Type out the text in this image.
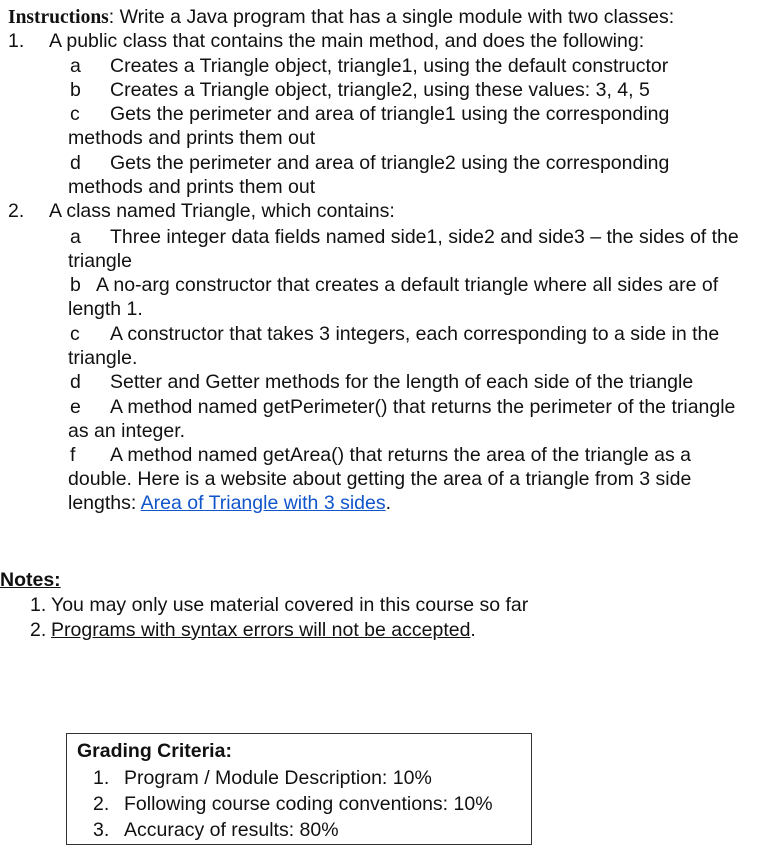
Instructions: Write a Java program that has a single module with two classes:
1. A public class that contains the main method, and does the following:
a Creates a Triangle object, triangle1, using the default constructor
b Creates a Triangle object, triangle2, using these values: 3, 4, 5
c Gets the perimeter and area of triangle1 using the corresponding
methods and prints them out
d Gets the perimeter and area of triangle2 using the corresponding
methods and prints them out
2. A class named Triangle, which contains:
a Three integer data fields named side1, side2 and side3 – the sides of the
triangle
b A no-arg constructor that creates a default triangle where all sides are of
length 1.
c A constructor that takes 3 integers, each corresponding to a side in the
triangle.
d Setter and Getter methods for the length of each side of the triangle
e A method named getPerimeter() that returns the perimeter of the triangle
as an integer.
f A method named getArea() that returns the area of the triangle as a
double. Here is a website about getting the area of a triangle from 3 side
lengths: Area of Triangle with 3 sides.
Notes:
1. You may only use material covered in this course so far
2. Programs with syntax errors will not be accepted.
Grading Criteria:
1. Program / Module Description: 10%
2. Following course coding conventions: 10%
3. Accuracy of results: 80%
